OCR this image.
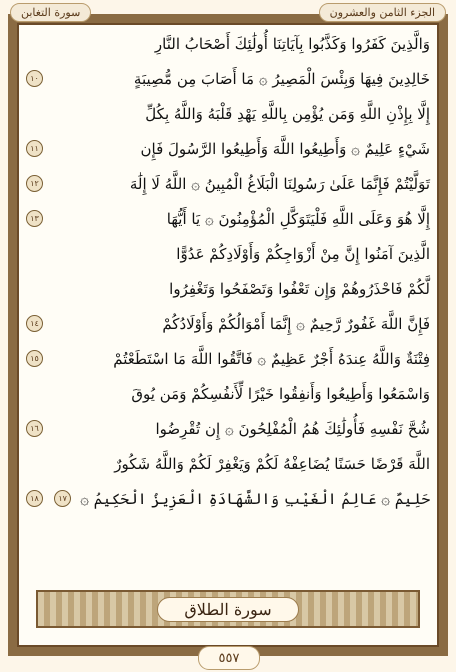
سورة التغابن	الجزء الثامن والعشرون
وَالَّذِينَ كَفَرُوا وَكَذَّبُوا بِآيَاتِنَا أُولَٰئِكَ أَصْحَابُ النَّارِ
خَالِدِينَ فِيهَا وَبِئْسَ الْمَصِيرُ ۞ مَا أَصَابَ مِن مُّصِيبَةٍ
١٠
إِلَّا بِإِذْنِ اللَّهِ وَمَن يُؤْمِن بِاللَّهِ يَهْدِ قَلْبَهُ وَاللَّهُ بِكُلِّ
شَيْءٍ عَلِيمٌ ۞ وَأَطِيعُوا اللَّهَ وَأَطِيعُوا الرَّسُولَ فَإِن
١١
تَوَلَّيْتُمْ فَإِنَّمَا عَلَىٰ رَسُولِنَا الْبَلَاغُ الْمُبِينُ ۞ اللَّهُ لَا إِلَٰهَ
١٢
إِلَّا هُوَ وَعَلَى اللَّهِ فَلْيَتَوَكَّلِ الْمُؤْمِنُونَ ۞ يَا أَيُّهَا
١٣
الَّذِينَ آمَنُوا إِنَّ مِنْ أَزْوَاجِكُمْ وَأَوْلَادِكُمْ عَدُوًّا
لَّكُمْ فَاحْذَرُوهُمْ وَإِن تَعْفُوا وَتَصْفَحُوا وَتَغْفِرُوا
فَإِنَّ اللَّهَ غَفُورٌ رَّحِيمٌ ۞ إِنَّمَا أَمْوَالُكُمْ وَأَوْلَادُكُمْ
١٤
فِتْنَةٌ وَاللَّهُ عِندَهُ أَجْرٌ عَظِيمٌ ۞ فَاتَّقُوا اللَّهَ مَا اسْتَطَعْتُمْ
١٥
وَاسْمَعُوا وَأَطِيعُوا وَأَنفِقُوا خَيْرًا لِّأَنفُسِكُمْ وَمَن يُوقَ
شُحَّ نَفْسِهِ فَأُولَٰئِكَ هُمُ الْمُفْلِحُونَ ۞ إِن تُقْرِضُوا
١٦
اللَّهَ قَرْضًا حَسَنًا يُضَاعِفْهُ لَكُمْ وَيَغْفِرْ لَكُمْ وَاللَّهُ شَكُورٌ
حَلِيمٌ ۞ عَالِمُ الْغَيْبِ وَالشَّهَادَةِ الْعَزِيزُ الْحَكِيمُ ۞
١٧
١٨
سورة الطلاق
٥٥٧
